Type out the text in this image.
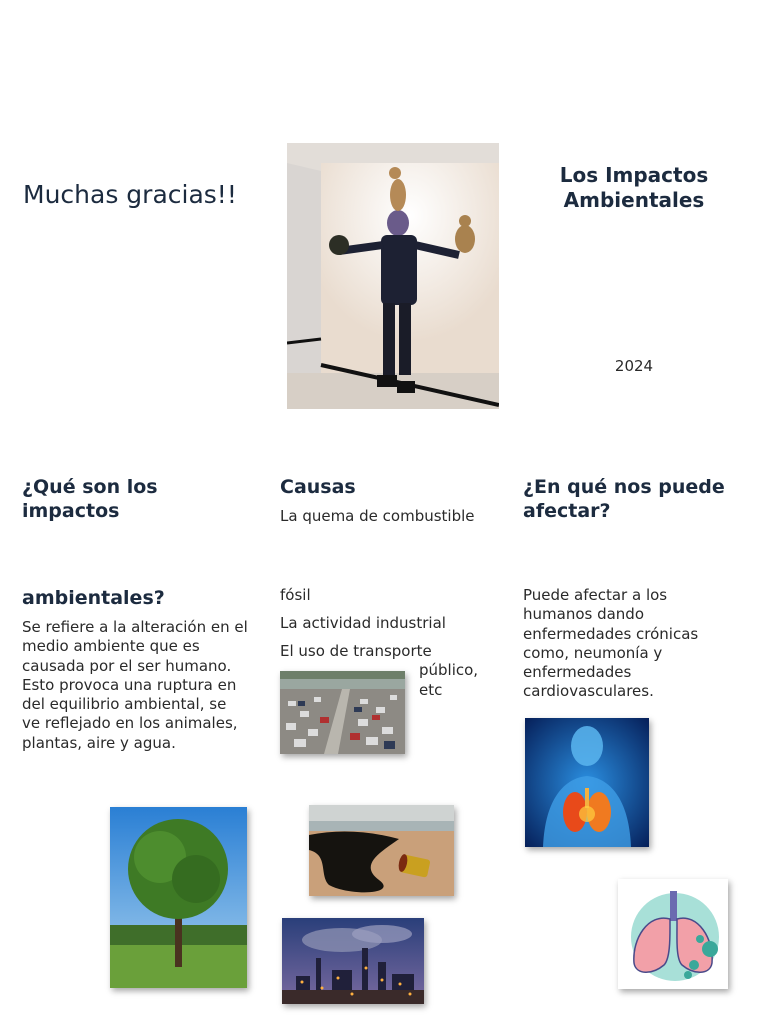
Muchas gracias!!
Los Impactos Ambientales
2024
¿Qué son los impactos
ambientales?
Se refiere a la alteración en el medio ambiente que es causada por el ser humano. Esto provoca una ruptura en del equilibrio ambiental, se ve reflejado en los animales, plantas, aire y agua.
Causas
La quema de combustible
fósil
La actividad industrial
El uso de transporte
público,
etc
¿En qué nos puede afectar?
Puede afectar a los humanos dando enfermedades crónicas como, neumonía y enfermedades cardiovasculares.
